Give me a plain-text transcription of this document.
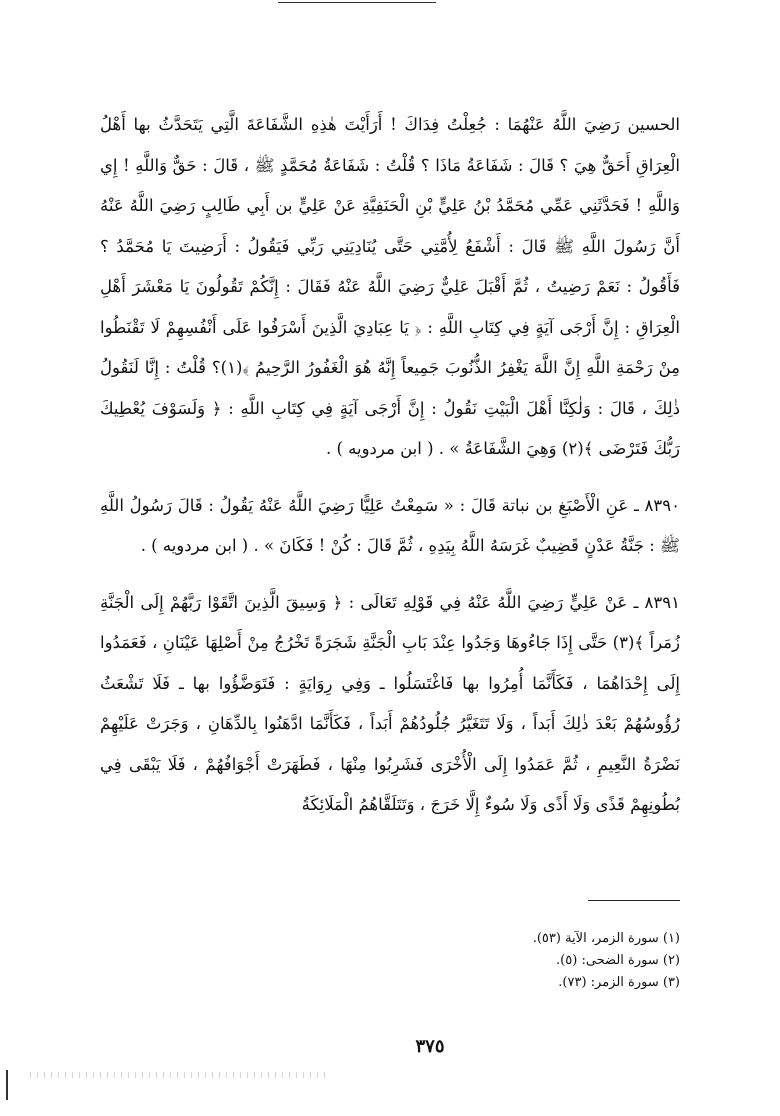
الحسين رَضِيَ اللَّهُ عَنْهُمَا : جُعِلْتُ فِدَاكَ ! أَرَأَيْتَ هٰذِهِ الشَّفَاعَةَ الَّتِي يَتَحَدَّثُ بها أَهْلُ الْعِرَاقِ أَحَقٌّ هِيَ ؟ قَالَ : شَفَاعَةُ مَاذَا ؟ قُلْتُ : شَفَاعَةُ مُحَمَّدٍ ﷺ ، قَالَ : حَقٌّ وَاللَّهِ ! إِي وَاللَّهِ ! فَحَدَّثَنِي عَمِّي مُحَمَّدُ بْنُ عَلِيٍّ بْنِ الْحَنَفِيَّةِ عَنْ عَلِيٍّ بن أَبِي طَالِبٍ رَضِيَ اللَّهُ عَنْهُ أَنَّ رَسُولَ اللَّهِ ﷺ قَالَ : أَشْفَعُ لِأُمَّتِي حَتَّى يُنَادِيَنِي رَبِّي فَيَقُولُ : أَرَضِيتَ يَا مُحَمَّدُ ؟ فَأَقُولُ : نَعَمْ رَضِيتُ ، ثُمَّ أَقْبَلَ عَلِيٌّ رَضِيَ اللَّهُ عَنْهُ فَقَالَ : إِنَّكُمْ تَقُولُونَ يَا مَعْشَرَ أَهْلِ الْعِرَاقِ : إِنَّ أَرْجَى آيَةٍ فِي كِتَابِ اللَّهِ : ﴿ يَا عِبَادِيَ الَّذِينَ أَسْرَفُوا عَلَى أَنْفُسِهِمْ لَا تَقْنَطُوا مِنْ رَحْمَةِ اللَّهِ إِنَّ اللَّهَ يَغْفِرُ الذُّنُوبَ جَمِيعاً إِنَّهُ هُوَ الْغَفُورُ الرَّحِيمُ ﴾(١)؟ قُلْتُ : إِنَّا لَنَقُولُ ذٰلِكَ ، قَالَ : وَلٰكِنَّا أَهْلَ الْبَيْتِ نَقُولُ : إِنَّ أَرْجَى آيَةٍ فِي كِتَابِ اللَّهِ : ﴿ وَلَسَوْفَ يُعْطِيكَ رَبُّكَ فَتَرْضَى ﴾(٢) وَهِيَ الشَّفَاعَةُ » . ( ابن مردويه ) .

٨٣٩٠ ـ عَنِ الْأَصْبَغِ بن نباتة قَالَ : « سَمِعْتُ عَلِيًّا رَضِيَ اللَّهُ عَنْهُ يَقُولُ : قَالَ رَسُولُ اللَّهِ ﷺ : جَنَّةُ عَدْنٍ قَضِيبٌ غَرَسَهُ اللَّهُ بِيَدِهِ ، ثُمَّ قَالَ : كُنْ ! فَكَانَ » . ( ابن مردويه ) .

٨٣٩١ ـ عَنْ عَلِيٍّ رَضِيَ اللَّهُ عَنْهُ فِي قَوْلِهِ تَعَالَى : ﴿ وَسِيقَ الَّذِينَ اتَّقَوْا رَبَّهُمْ إِلَى الْجَنَّةِ زُمَراً ﴾(٣) حَتَّى إِذَا جَاءُوهَا وَجَدُوا عِنْدَ بَابِ الْجَنَّةِ شَجَرَةً تَخْرُجُ مِنْ أَصْلِهَا عَيْنَانِ ، فَعَمَدُوا إِلَى إِحْدَاهُمَا ، فَكَأَنَّمَا أُمِرُوا بها فَاغْتَسَلُوا ـ وَفِي رِوَايَةٍ : فَتَوَضَّؤُوا بها ـ فَلَا تَشْعَثُ رُؤُوسُهُمْ بَعْدَ ذٰلِكَ أَبَداً ، وَلَا تَتَغَيَّرُ جُلُودُهُمْ أَبَداً ، فَكَأَنَّمَا ادَّهَنُوا بِالدِّهَانِ ، وَجَرَتْ عَلَيْهِمْ نَضْرَةُ النَّعِيمِ ، ثُمَّ عَمَدُوا إِلَى الْأُخْرَى فَشَرِبُوا مِنْهَا ، فَطَهَرَتْ أَجْوَافُهُمْ ، فَلَا يَبْقَى فِي بُطُونِهِمْ قَذًى وَلَا أَذًى وَلَا سُوءٌ إِلَّا خَرَجَ ، وَتَتَلَقَّاهُمُ الْمَلَائِكَةُ

(١) سورة الزمر، الآية (٥٣).
(٢) سورة الضحى: (٥).
(٣) سورة الزمر: (٧٣).
٣٧٥
